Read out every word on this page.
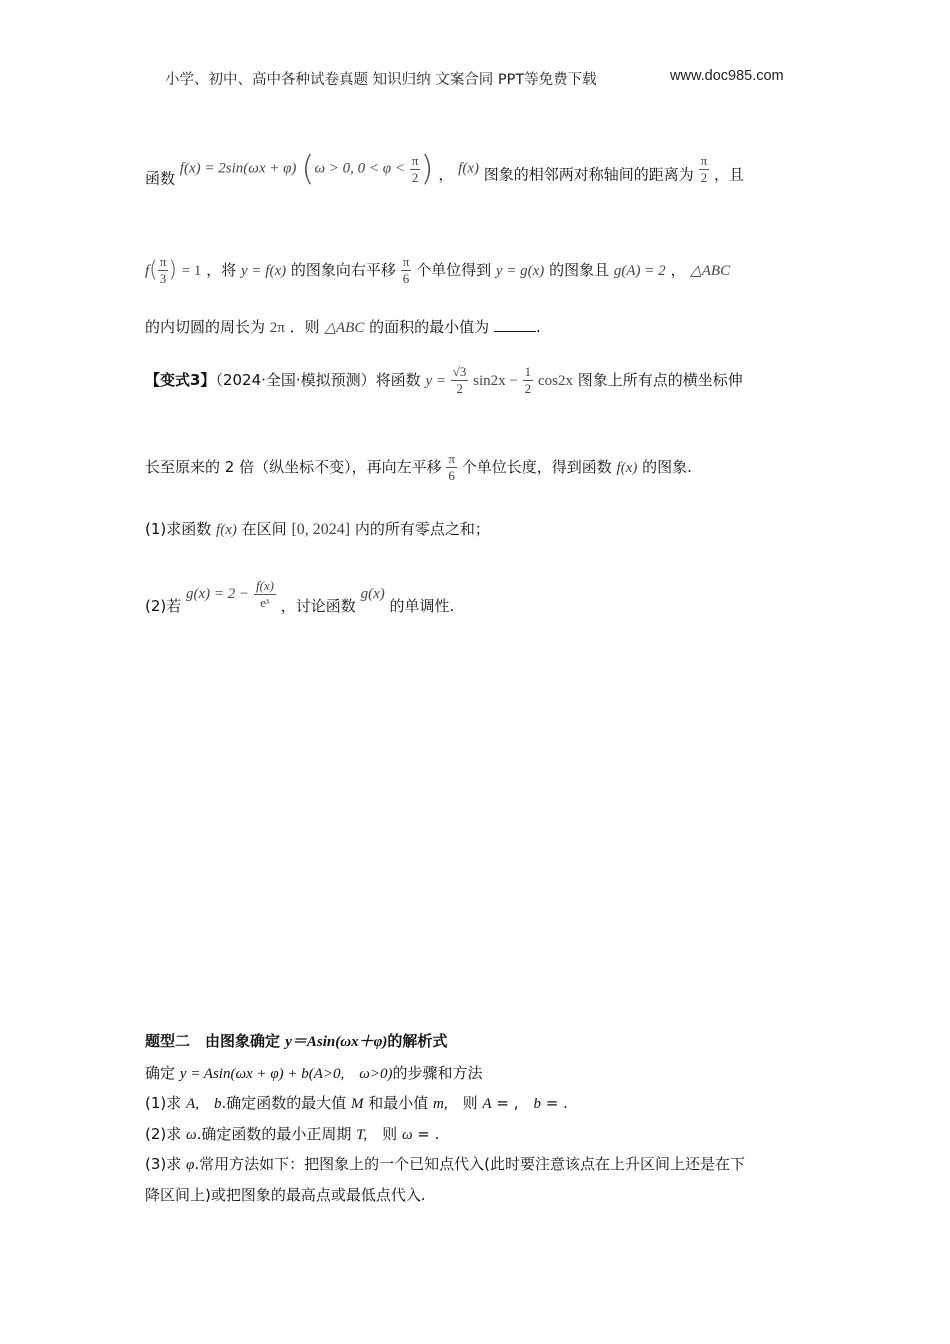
小学、初中、高中各种试卷真题 知识归纳 文案合同 PPT等免费下载	www.doc985.com
函数 f(x) = 2sin(ωx + φ) (ω > 0, $0 < \varphi < \frac{\pi}{2}$ ) ， f(x) 图象的相邻两对称轴间的距离为 $\frac{\pi}{2}$ ，且
$f( \frac{\pi}{3}$ ) = 1 ，将 y = f(x) 的图象向右平移 $\frac{\pi}{6}$ 个单位得到 y = g(x) 的图象且 g(A) = 2 ， △ABC
的内切圆的周长为 2π ．则 △ABC 的面积的最小值为	.
【变式3】（2024·全国·模拟预测）将函数 $y = \frac{√3}{2} \sin 2x - \frac{1}{2} \cos 2x$ 图象上所有点的横坐标伸
长至原来的 2 倍（纵坐标不变），再向左平移 $\frac{\pi}{6}$ 个单位长度，得到函数 f(x) 的图象.
(1)求函数 f(x) 在区间 [0, 2024] 内的所有零点之和；
(2)若 $g(x) = 2 - \frac{f(x)}{\text{eˣ}}$ ，讨论函数 g(x) 的单调性.
题型二　由图象确定 y＝Asin(ωx＋φ)的解析式
确定 y = Asin(ωx + φ) + b(A>0,　ω>0)的步骤和方法
(1)求 A,　b.确定函数的最大值 M 和最小值 m,　则 A = ,　b = .
(2)求 ω.确定函数的最小正周期 T,　则 ω = .
(3)求 φ.常用方法如下：把图象上的一个已知点代入(此时要注意该点在上升区间上还是在下
降区间上)或把图象的最高点或最低点代入.
